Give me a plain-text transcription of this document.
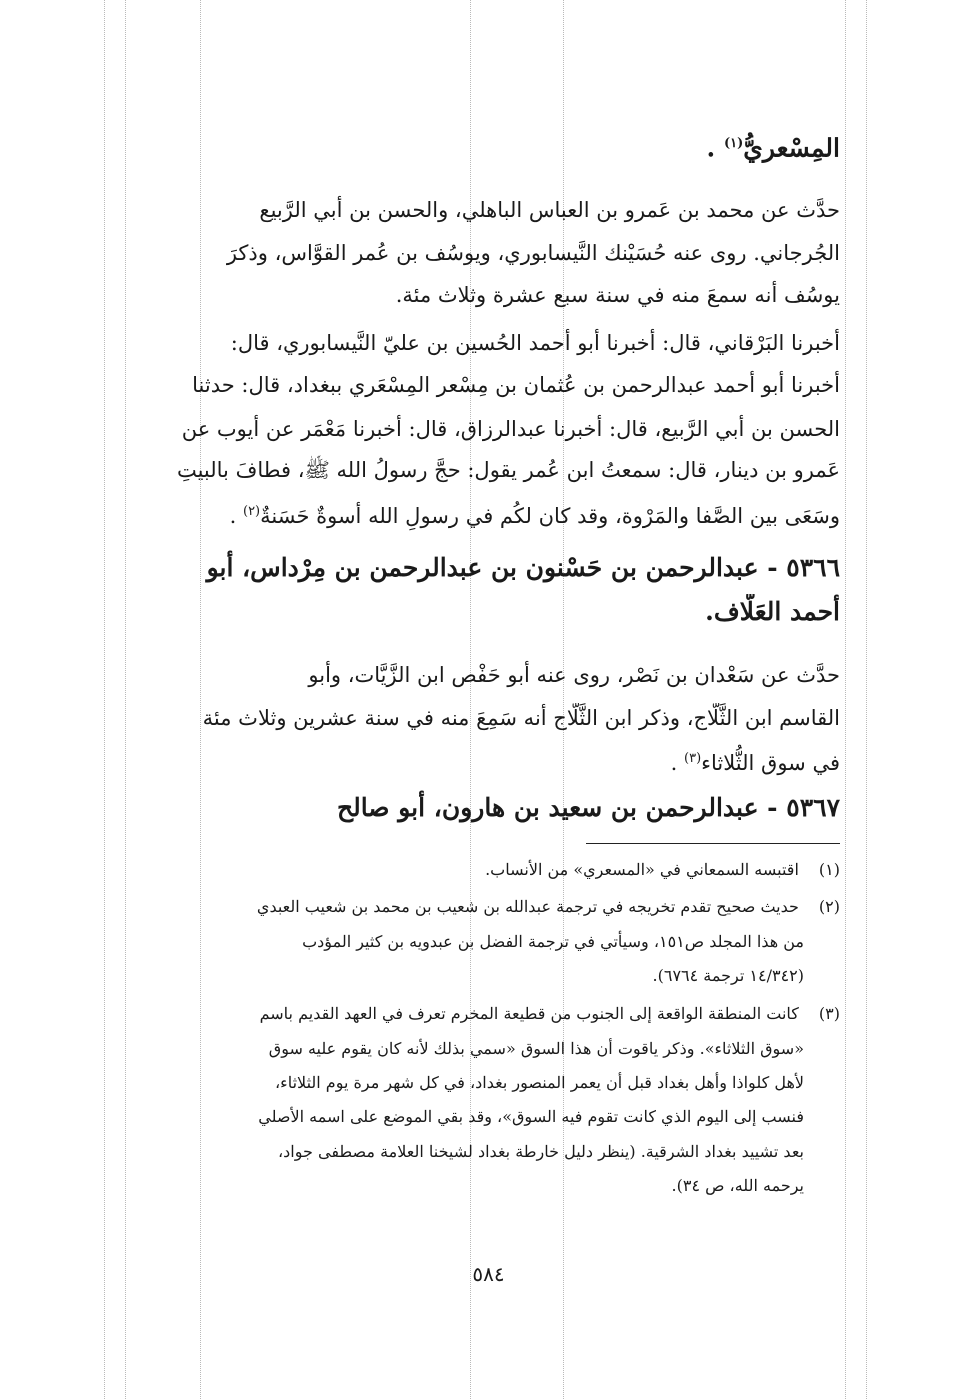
المِسْعريُّ$^{(١)}$ .
حدَّث عن محمد بن عَمرو بن العباس الباهلي، والحسن بن أبي الرَّبيع
الجُرجاني. روى عنه حُسَيْنك النَّيسابوري، ويوسُف بن عُمر القوَّاس، وذكرَ
يوسُف أنه سمعَ منه في سنة سبع عشرة وثلاث مئة.
أخبرنا البَرْقاني، قال: أخبرنا أبو أحمد الحُسين بن عليّ النَّيسابوري، قال:
أخبرنا أبو أحمد عبدالرحمن بن عُثمان بن مِسْعر المِسْعَري ببغداد، قال: حدثنا
الحسن بن أبي الرَّبيع، قال: أخبرنا عبدالرزاق، قال: أخبرنا مَعْمَر عن أيوب عن
عَمرو بن دينار، قال: سمعتُ ابن عُمر يقول: حجَّ رسولُ الله ﷺ، فطافَ بالبيتِ
وسَعَى بين الصَّفا والمَرْوة، وقد كان لكُم في رسولِ الله أسوةٌ حَسَنةٌ$^{(٢)}$ .
٥٣٦٦ - عبدالرحمن بن حَسْنون بن عبدالرحمن بن مِرْداس، أبو
أحمد العَلَّاف.
حدَّث عن سَعْدان بن نَصْر، روى عنه أبو حَفْص ابن الزَّيَّات، وأبو
القاسم ابن الثَّلَّاج، وذكر ابن الثَّلَّاج أنه سَمِعَ منه في سنة عشرين وثلاث مئة
في سوق الثُّلاثاء$^{(٣)}$ .
٥٣٦٧ - عبدالرحمن بن سعيد بن هارون، أبو صالح
(١) اقتبسه السمعاني في «المسعري» من الأنساب.
(٢) حديث صحيح تقدم تخريجه في ترجمة عبدالله بن شعيب بن محمد بن شعيب العبدي
من هذا المجلد ص١٥١، وسيأتي في ترجمة الفضل بن عبدويه بن كثير المؤدب
(١٤/٣٤٢ ترجمة ٦٧٦٤).
(٣) كانت المنطقة الواقعة إلى الجنوب من قطيعة المخرم تعرف في العهد القديم باسم
«سوق الثلاثاء». وذكر ياقوت أن هذا السوق «سمي بذلك لأنه كان يقوم عليه سوق
لأهل كلواذا وأهل بغداد قبل أن يعمر المنصور بغداد، في كل شهر مرة يوم الثلاثاء،
فنسب إلى اليوم الذي كانت تقوم فيه السوق»، وقد بقي الموضع على اسمه الأصلي
بعد تشييد بغداد الشرقية. (ينظر دليل خارطة بغداد لشيخنا العلامة مصطفى جواد،
يرحمه الله، ص ٣٤).
٥٨٤
